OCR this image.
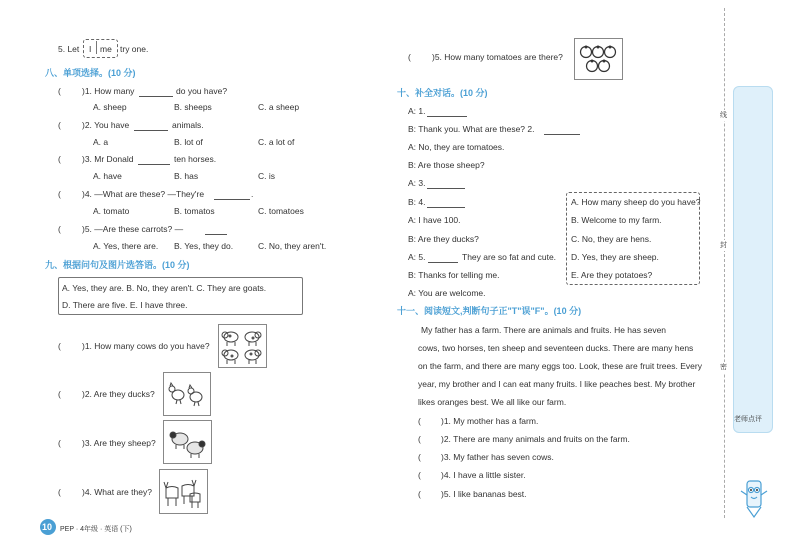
5. Let I me try one.
八、单项选择。(10 分)
( )1. How many	do you have?
A. sheep	B. sheeps	C. a sheep
( )2. You have	animals.
A. a	B. lot of	C. a lot of
( )3. Mr Donald	ten horses.
A. have	B. has	C. is
( )4. —What are these? —They're	.
A. tomato	B. tomatos	C. tomatoes
( )5. —Are these carrots? —
A. Yes, there are. B. Yes, they do.	C. No, they aren't.
九、根据问句及图片选答语。(10 分)
A. Yes, they are. B. No, they aren't. C. They are goats.
D. There are five. E. I have three.
( )1. How many cows do you have?
( )2. Are they ducks?
( )3. Are they sheep?
( )4. What are they?
10 PEP · 4年级 · 英语 (下)
( )5. How many tomatoes are there?
十、补全对话。(10 分)
A: 1.
B: Thank you. What are these? 2.
A: No, they are tomatoes.
B: Are those sheep?
A: 3.
B: 4.
A: I have 100.
B: Are they ducks?
A: 5.	They are so fat and cute.
B: Thanks for telling me.
A: You are welcome.
A. How many sheep do you have?
B. Welcome to my farm.
C. No, they are hens.
D. Yes, they are sheep.
E. Are they potatoes?
十一、阅读短文,判断句子正"T"误"F"。(10 分)
My father has a farm. There are animals and fruits. He has seven
cows, two horses, ten sheep and seventeen ducks. There are many hens
on the farm, and there are many eggs too. Look, these are fruit trees. Every
year, my brother and I can eat many fruits. I like peaches best. My brother
likes oranges best. We all like our farm.
( )1. My mother has a farm.
( )2. There are many animals and fruits on the farm.
( )3. My father has seven cows.
( )4. I have a little sister.
( )5. I like bananas best.
线
封
密
老师点评
